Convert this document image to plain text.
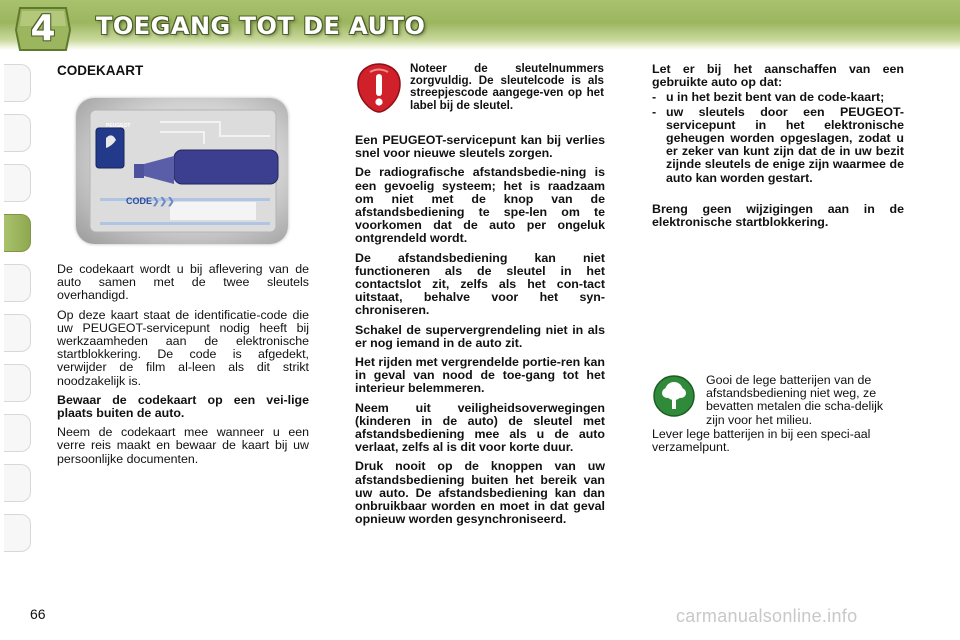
4	TOEGANG TOT DE AUTO
CODEKAART
PEUGEOT
CODE❯❯❯

De codekaart wordt u bij aflevering van de auto samen met de twee sleutels overhandigd.

Op deze kaart staat de identificatie-code die uw PEUGEOT-servicepunt nodig heeft bij werkzaamheden aan de elektronische startblokkering. De code is afgedekt, verwijder de film al-leen als dit strikt noodzakelijk is.

Bewaar de codekaart op een vei-lige plaats buiten de auto.

Neem de codekaart mee wanneer u een verre reis maakt en bewaar de kaart bij uw persoonlijke documenten.

Noteer de sleutelnummers zorgvuldig. De sleutelcode is als streepjescode aangege-ven op het label bij de sleutel.

Een PEUGEOT-servicepunt kan bij verlies snel voor nieuwe sleutels zorgen.

De radiografische afstandsbedie-ning is een gevoelig systeem; het is raadzaam om niet met de knop van de afstandsbediening te spe-len om te voorkomen dat de auto per ongeluk ontgrendeld wordt.

De afstandsbediening kan niet functioneren als de sleutel in het contactslot zit, zelfs als het con-tact uitstaat, behalve voor het syn-chroniseren.

Schakel de supervergrendeling niet in als er nog iemand in de auto zit.

Het rijden met vergrendelde portie-ren kan in geval van nood de toe-gang tot het interieur belemmeren.

Neem uit veiligheidsoverwegingen (kinderen in de auto) de sleutel met afstandsbediening mee als u de auto verlaat, zelfs al is dit voor korte duur.

Druk nooit op de knoppen van uw afstandsbediening buiten het bereik van uw auto. De afstandsbediening kan dan onbruikbaar worden en moet in dat geval opnieuw worden gesynchroniseerd.

Let er bij het aanschaffen van een gebruikte auto op dat:

- u in het bezit bent van de code-kaart;

- uw sleutels door een PEUGEOT-servicepunt in het elektronische geheugen worden opgeslagen, zodat u er zeker van kunt zijn dat de in uw bezit zijnde sleutels de enige zijn waarmee de auto kan worden gestart.

Breng geen wijzigingen aan in de elektronische startblokkering.

Gooi de lege batterijen van de afstandsbediening niet weg, ze bevatten metalen die scha-delijk zijn voor het milieu.

Lever lege batterijen in bij een speci-aal verzamelpunt.

66	carmanualsonline.info
